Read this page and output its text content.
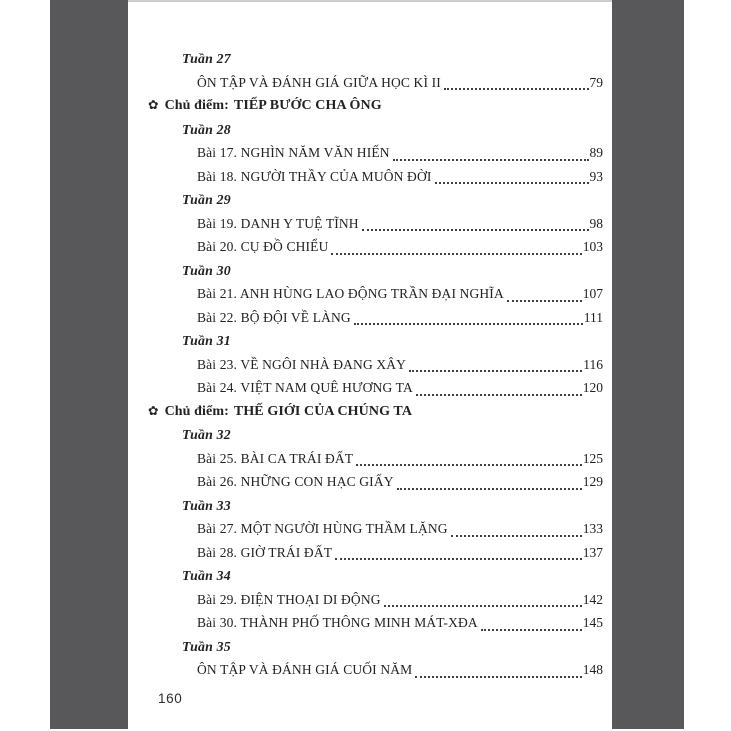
Tuần 27
ÔN TẬP VÀ ĐÁNH GIÁ GIỮA HỌC KÌ II	79
✿ Chủ điểm: TIẾP BƯỚC CHA ÔNG
Tuần 28
Bài 17. NGHÌN NĂM VĂN HIẾN	89
Bài 18. NGƯỜI THẦY CỦA MUÔN ĐỜI	93
Tuần 29
Bài 19. DANH Y TUỆ TĨNH	98
Bài 20. CỤ ĐỒ CHIỂU	103
Tuần 30
Bài 21. ANH HÙNG LAO ĐỘNG TRẦN ĐẠI NGHĨA	107
Bài 22. BỘ ĐỘI VỀ LÀNG	111
Tuần 31
Bài 23. VỀ NGÔI NHÀ ĐANG XÂY	116
Bài 24. VIỆT NAM QUÊ HƯƠNG TA	120
✿ Chủ điểm: THẾ GIỚI CỦA CHÚNG TA
Tuần 32
Bài 25. BÀI CA TRÁI ĐẤT	125
Bài 26. NHỮNG CON HẠC GIẤY	129
Tuần 33
Bài 27. MỘT NGƯỜI HÙNG THẦM LẶNG	133
Bài 28. GIỜ TRÁI ĐẤT	137
Tuần 34
Bài 29. ĐIỆN THOẠI DI ĐỘNG	142
Bài 30. THÀNH PHỐ THÔNG MINH MÁT-XĐA	145
Tuần 35
ÔN TẬP VÀ ĐÁNH GIÁ CUỐI NĂM	148
160
